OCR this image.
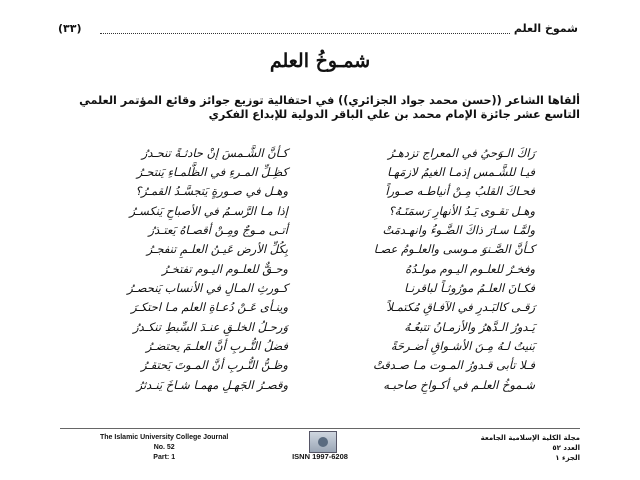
شموخ العلم
(٣٣)
شمـوخُ العلم
ألقاها الشاعر ((حسن محمد جواد الجزائري)) في احتفالية توزيع جوائز وقائع المؤتمر العلمي
التاسع عشر جائزة الإمام محمد بن علي الباقر الدولية للإبداع الفكري
رَاكَ الـوَحيُ في المعراج تزدهـرُ
كـأنَّ الشَّـمسَ إنْ حادثـةً تنحـدرُ
فيـا للشَّـمس إذمـا الغيمُ لازمَهـا
كظِـلِّ المـرءِ في الظَّلمـاءِ يَنتحـرُ
فحـاكَ القلبُ مِـنْ أنياطـه صـوراً
وهـل في صـورةٍ يَتجسَّـدُ القمـرُ؟
وهـل تقـوى يَـدُ الأنهارِ رَسمَتَـهُ؟
إذا مـا الرَّسـمُ في الأصباحِ يَنكسـرُ
ولمَّـا سـارَ ذاكَ الضَّـوءُ وانهـدمَتْ
أتـى مـوجٌ ومِـنْ أقصـاهُ يَعتـذرُ
كـأنَّ الصَّـنوَ مـوسى والعلـومُ عصـا
بِكُلِّ الأرض عَيـنُ العلـمِ تنفجـرُ
وفخـرٌ للعلـوم اليـوم مولـدُهُ
وحـقٌّ للعلـوم اليـوم تفتخـرُ
فكـانَ العلـمُ مورُوثـاً لباقرنـا
كـورثِ المـالِ في الأنساب يَنحصـرُ
رَقـى كالبَـدرِ في الآفـاقِ مُكتمـلاً
وينـأى عَـنْ دُعـاةِ العلم مـا احتكـرَ
يَـدورُ الـدَّهرُ والأزمـانُ تتبعُـهُ
وَرحـلُ الخلـقِ عنـدَ السِّبطِ تنكـدرُ
بَنيتُ لـهُ مِـنَ الأشـواقِ أضـرحَةً
فضلُ التُّـربِ أنَّ العلـمَ يحتضـرُ
فـلا تأبى قـدورُ المـوت مـا صـدقتْ
وظـنُّ التُّـربِ أنَّ المـوتَ يَحتقـرُ
شـموخُ العلـم في أكـواخِ صاحبـه
وقصـرُ الجَهـلِ مهمـا شـاخَ يَنـدثرُ
The Islamic University College Journal
No. 52
Part: 1
مجلة الكلية الإسلامية الجامعة
العدد ٥٢
الجزء ١
ISNN 1997-6208
